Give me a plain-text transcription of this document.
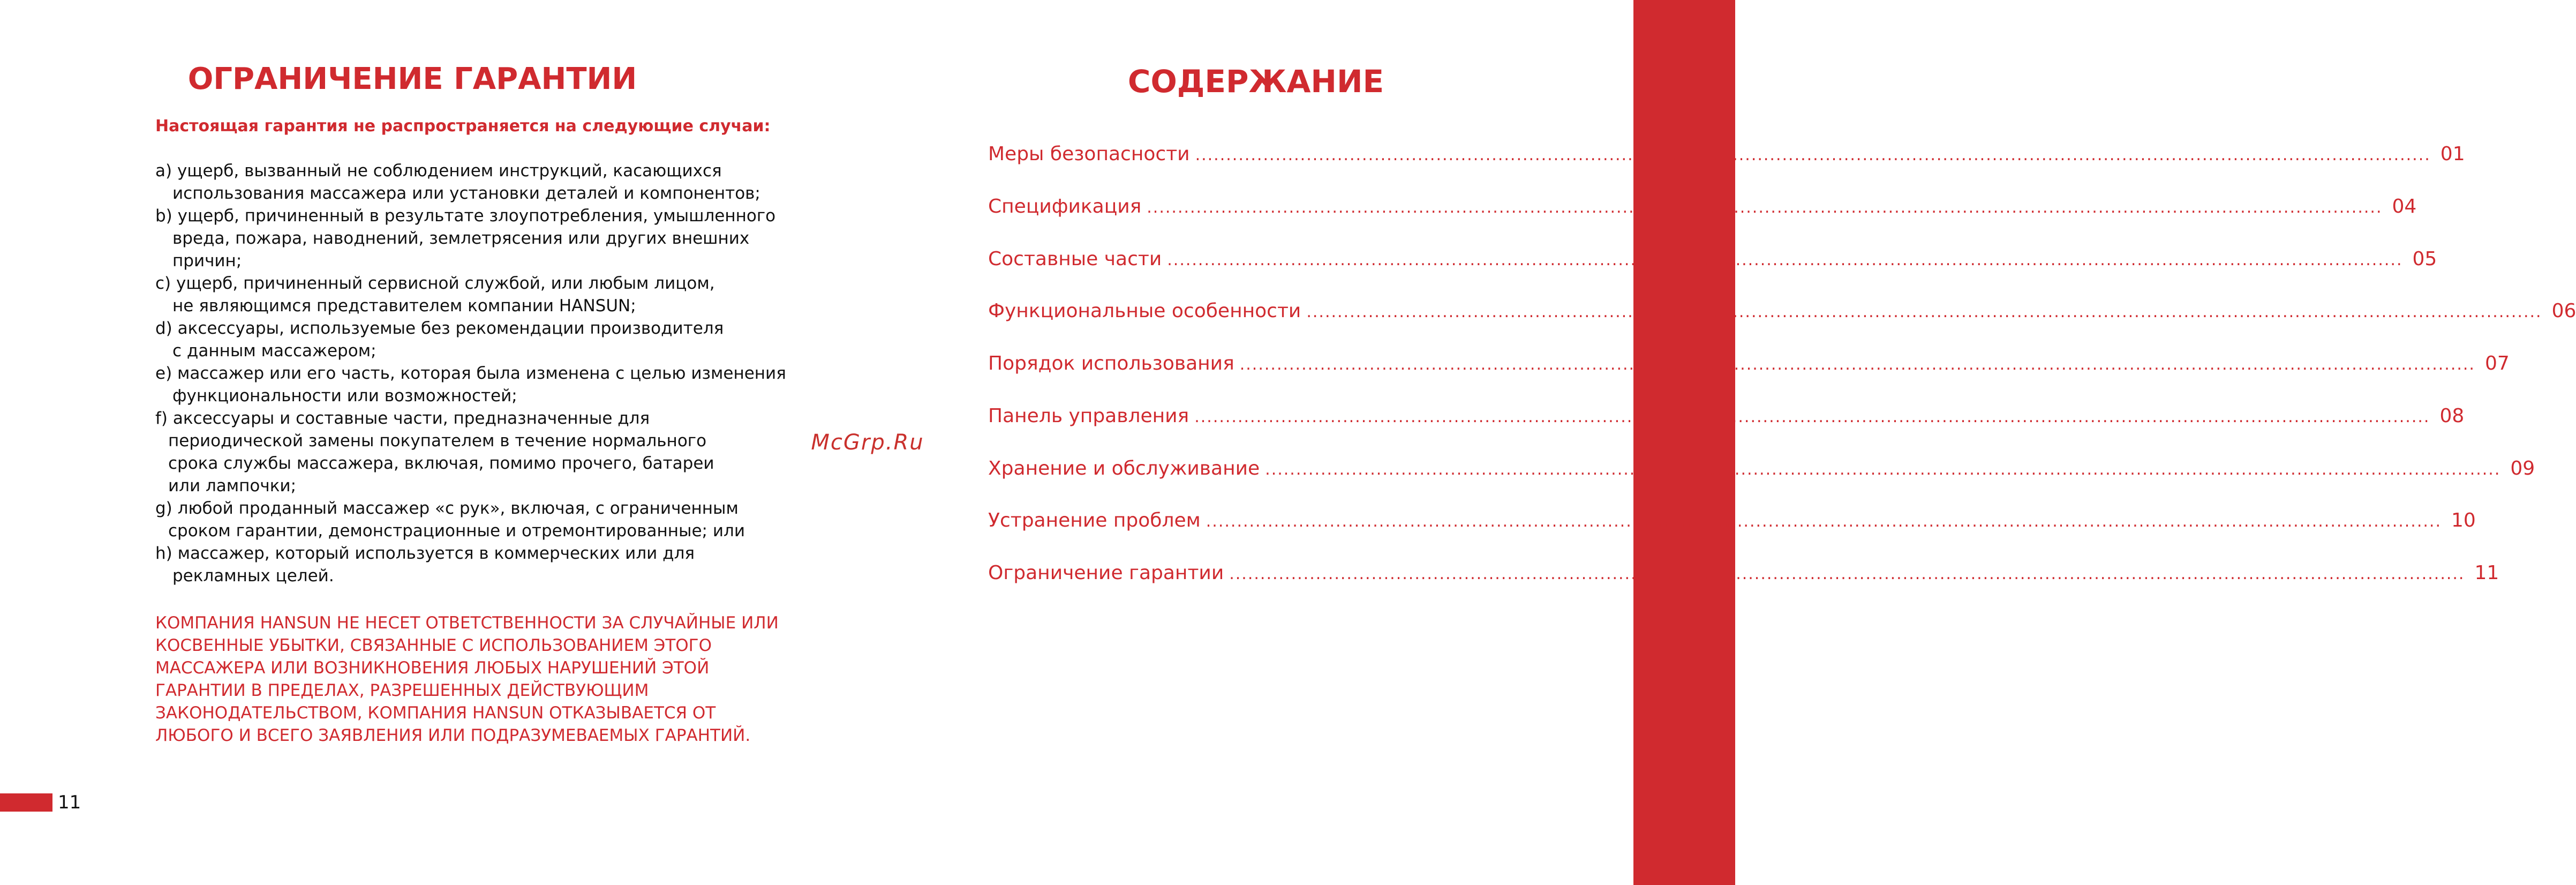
ОГРАНИЧЕНИЕ ГАРАНТИИ

Настоящая гарантия не распространяется на следующие случаи:

a) ущерб, вызванный не соблюдением инструкций, касающихся
использования массажера или установки деталей и компонентов;
b) ущерб, причиненный в результате злоупотребления, умышленного
вреда, пожара, наводнений, землетрясения или других внешних
причин;
c) ущерб, причиненный сервисной службой, или любым лицом,
не являющимся представителем компании HANSUN;
d) аксессуары, используемые без рекомендации производителя
с данным массажером;
e) массажер или его часть, которая была изменена с целью изменения
функциональности или возможностей;
f) аксессуары и составные части, предназначенные для
периодической замены покупателем в течение нормального
срока службы массажера, включая, помимо прочего, батареи
или лампочки;
g) любой проданный массажер «с рук», включая, с ограниченным
сроком гарантии, демонстрационные и отремонтированные; или
h) массажер, который используется в коммерческих или для
рекламных целей.

КОМПАНИЯ HANSUN НЕ НЕСЕТ ОТВЕТСТВЕННОСТИ ЗА СЛУЧАЙНЫЕ ИЛИ
КОСВЕННЫЕ УБЫТКИ, СВЯЗАННЫЕ С ИСПОЛЬЗОВАНИЕМ ЭТОГО
МАССАЖЕРА ИЛИ ВОЗНИКНОВЕНИЯ ЛЮБЫХ НАРУШЕНИЙ ЭТОЙ
ГАРАНТИИ В ПРЕДЕЛАХ, РАЗРЕШЕННЫХ ДЕЙСТВУЮЩИМ
ЗАКОНОДАТЕЛЬСТВОМ, КОМПАНИЯ HANSUN ОТКАЗЫВАЕТСЯ ОТ
ЛЮБОГО И ВСЕГО ЗАЯВЛЕНИЯ ИЛИ ПОДРАЗУМЕВАЕМЫХ ГАРАНТИЙ.

11
McGrp.Ru
СОДЕРЖАНИЕ
Меры безопасности ........................................................................................................................................................................................................ 01
Спецификация ........................................................................................................................................................................................................ 04
Составные части ........................................................................................................................................................................................................ 05
Функциональные особенности ........................................................................................................................................................................................................ 06
Порядок использования ........................................................................................................................................................................................................ 07
Панель управления ........................................................................................................................................................................................................ 08
Хранение и обслуживание ........................................................................................................................................................................................................ 09
Устранение проблем ........................................................................................................................................................................................................ 10
Ограничение гарантии ........................................................................................................................................................................................................ 11
